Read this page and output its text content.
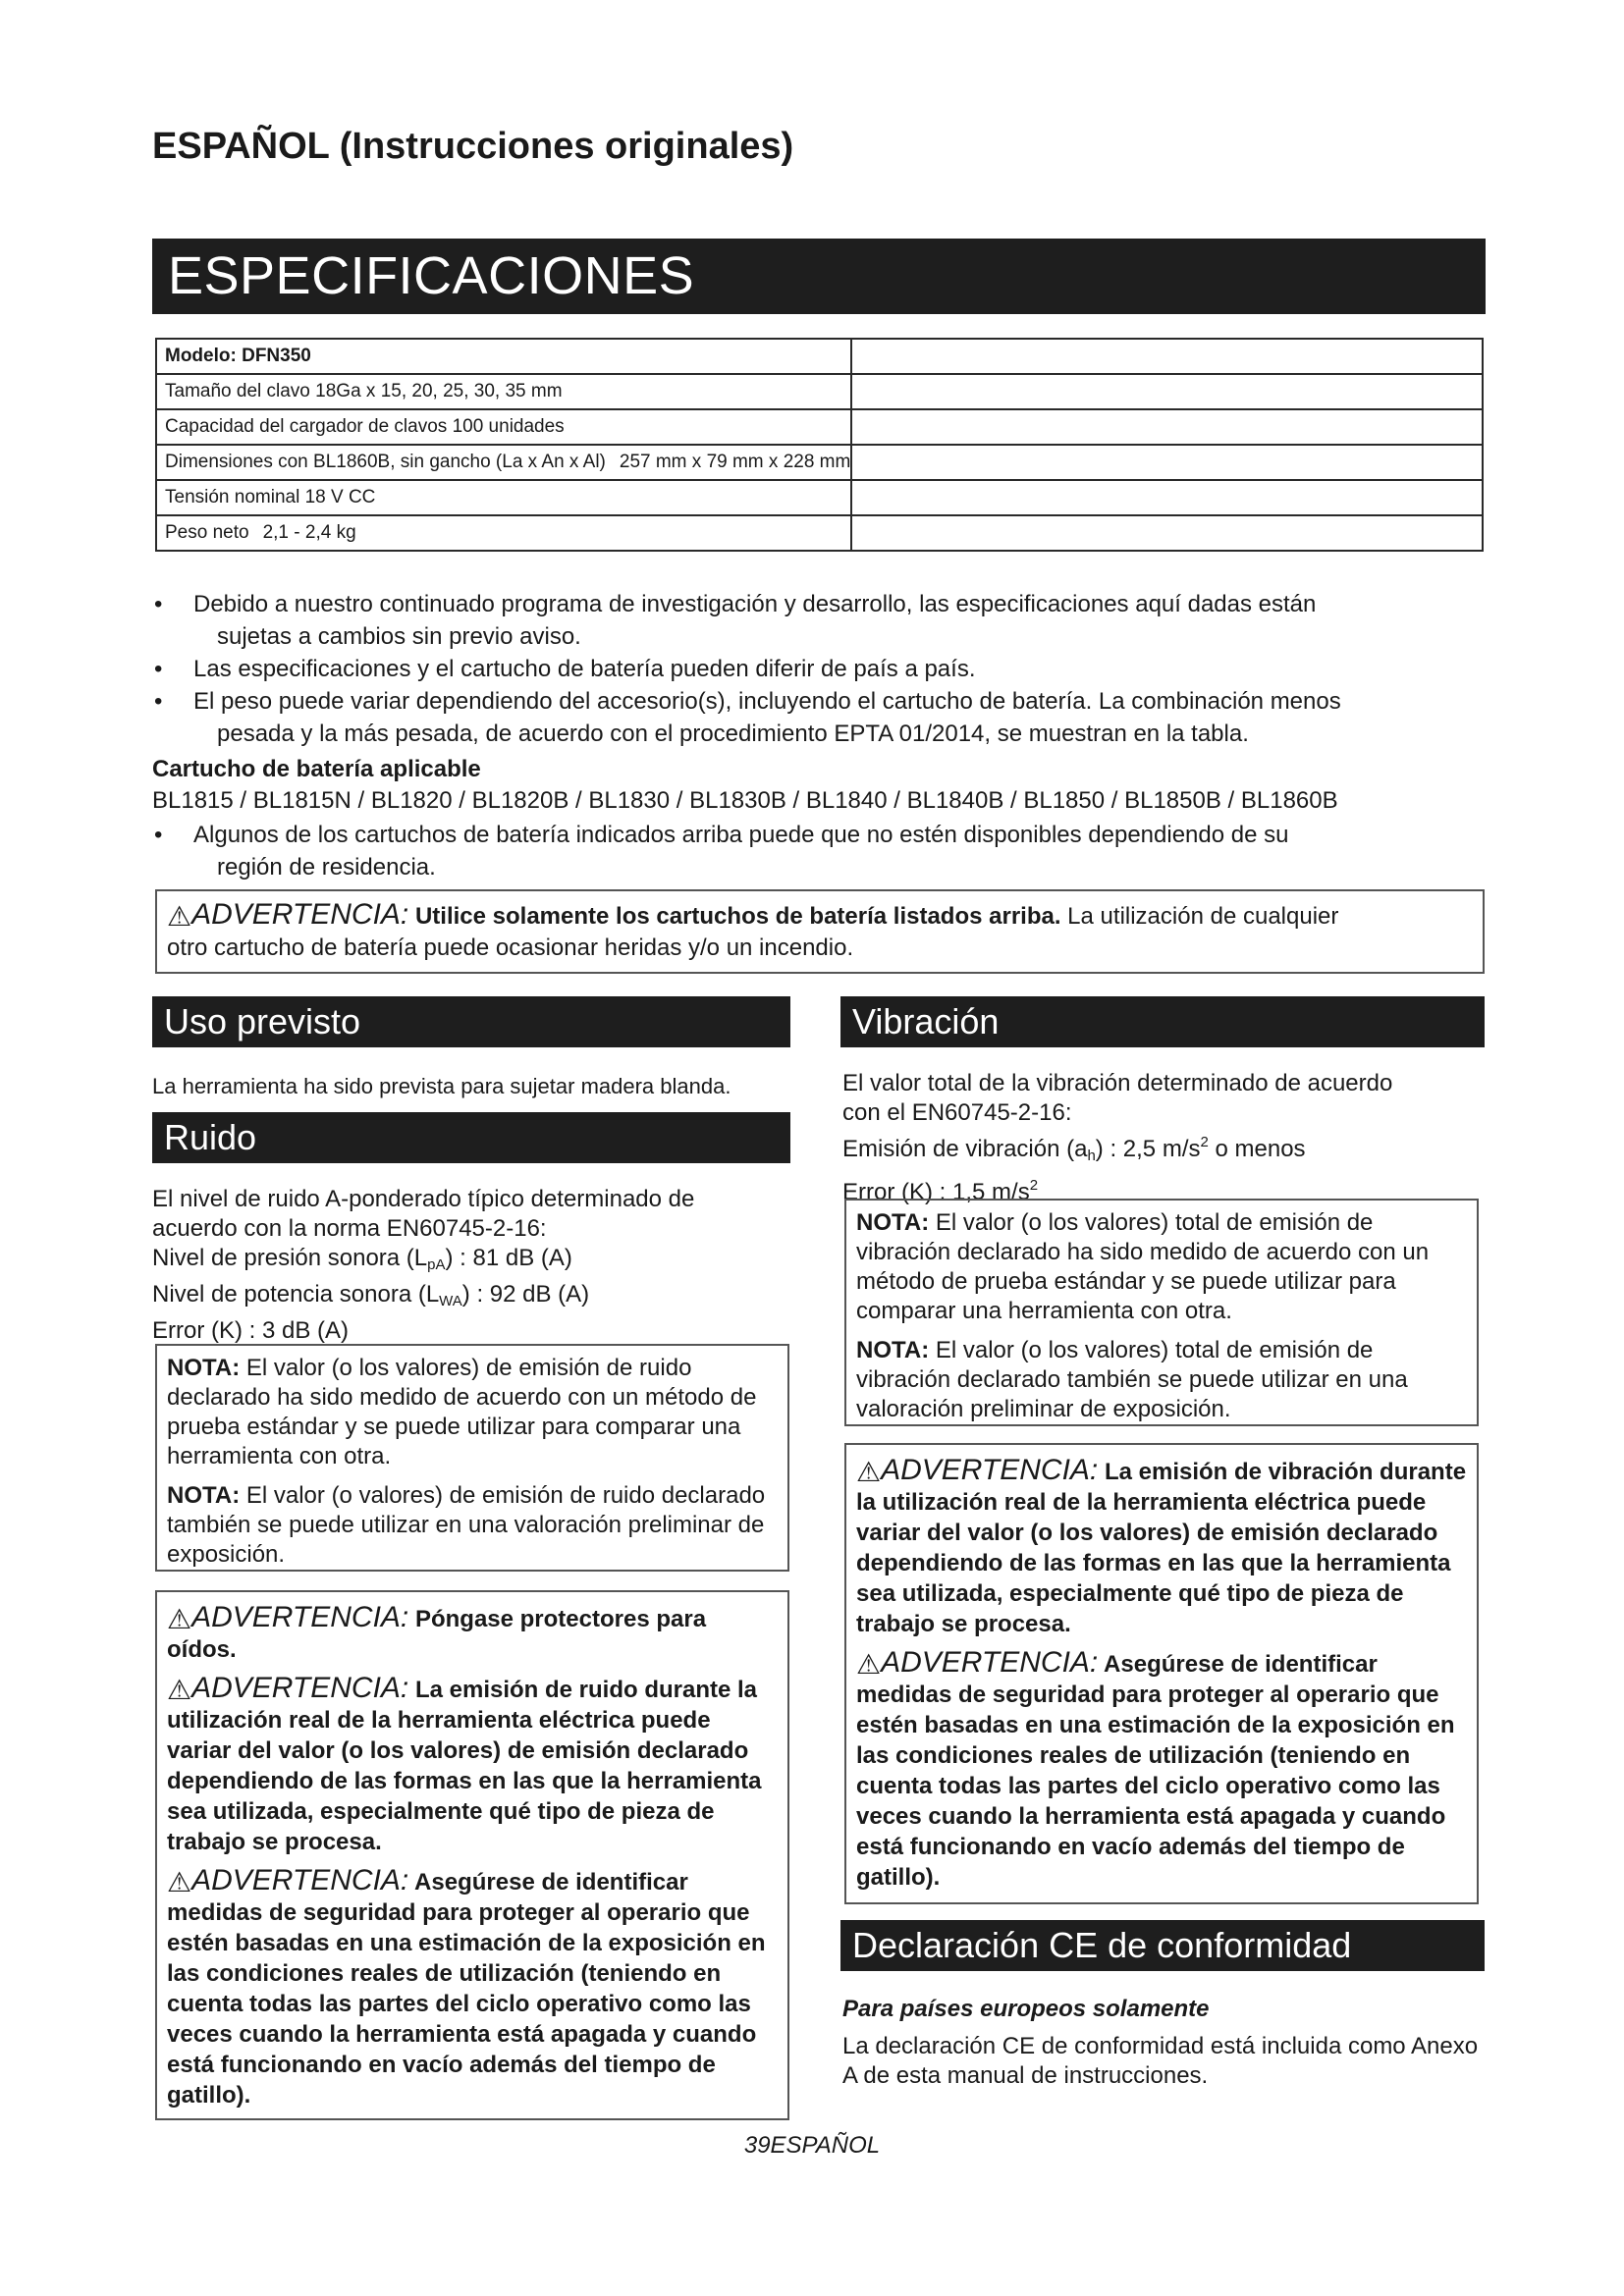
ESPAÑOL (Instrucciones originales)
ESPECIFICACIONES
Modelo: DFN350	
Tamaño del clavo 18Ga x 15, 20, 25, 30, 35 mm	
Capacidad del cargador de clavos 100 unidades	
Dimensiones con BL1860B, sin gancho (La x An x Al) 257 mm x 79 mm x 228 mm	
Tensión nominal 18 V CC	
Peso neto 2,1 - 2,4 kg	
• Debido a nuestro continuado programa de investigación y desarrollo, las especificaciones aquí dadas están
sujetas a cambios sin previo aviso.
• Las especificaciones y el cartucho de batería pueden diferir de país a país.
• El peso puede variar dependiendo del accesorio(s), incluyendo el cartucho de batería. La combinación menos
pesada y la más pesada, de acuerdo con el procedimiento EPTA 01/2014, se muestran en la tabla.
Cartucho de batería aplicable
BL1815 / BL1815N / BL1820 / BL1820B / BL1830 / BL1830B / BL1840 / BL1840B / BL1850 / BL1850B / BL1860B
• Algunos de los cartuchos de batería indicados arriba puede que no estén disponibles dependiendo de su
región de residencia.
⚠ADVERTENCIA: Utilice solamente los cartuchos de batería listados arriba. La utilización de cualquier
otro cartucho de batería puede ocasionar heridas y/o un incendio.
Uso previsto
La herramienta ha sido prevista para sujetar madera blanda.
Ruido
El nivel de ruido A-ponderado típico determinado de
acuerdo con la norma EN60745-2-16:
Nivel de presión sonora $(L_{pA})$ : 81 dB (A)
Nivel de potencia sonora $(L_{WA})$ : 92 dB (A)
Error (K) : 3 dB (A)

NOTA: El valor (o los valores) de emisión de ruido declarado ha sido medido de acuerdo con un método de prueba estándar y se puede utilizar para comparar una herramienta con otra.

NOTA: El valor (o valores) de emisión de ruido declarado también se puede utilizar en una valoración preliminar de exposición.

⚠ADVERTENCIA: Póngase protectores para oídos.

⚠ADVERTENCIA: La emisión de ruido durante la utilización real de la herramienta eléctrica puede variar del valor (o los valores) de emisión declarado dependiendo de las formas en las que la herramienta sea utilizada, especialmente qué tipo de pieza de trabajo se procesa.

⚠ADVERTENCIA: Asegúrese de identificar medidas de seguridad para proteger al operario que estén basadas en una estimación de la exposición en las condiciones reales de utilización (teniendo en cuenta todas las partes del ciclo operativo como las veces cuando la herramienta está apagada y cuando está funcionando en vacío además del tiempo de gatillo).

Vibración
El valor total de la vibración determinado de acuerdo
con el EN60745-2-16:
Emisión de vibración $(a_h)$ : 2,5 $m/s^2$ o menos
Error (K) : 1,5 $m/s^2$

NOTA: El valor (o los valores) total de emisión de vibración declarado ha sido medido de acuerdo con un método de prueba estándar y se puede utilizar para comparar una herramienta con otra.

NOTA: El valor (o los valores) total de emisión de vibración declarado también se puede utilizar en una valoración preliminar de exposición.

⚠ADVERTENCIA: La emisión de vibración durante la utilización real de la herramienta eléctrica puede variar del valor (o los valores) de emisión declarado dependiendo de las formas en las que la herramienta sea utilizada, especialmente qué tipo de pieza de trabajo se procesa.

⚠ADVERTENCIA: Asegúrese de identificar medidas de seguridad para proteger al operario que estén basadas en una estimación de la exposición en las condiciones reales de utilización (teniendo en cuenta todas las partes del ciclo operativo como las veces cuando la herramienta está apagada y cuando está funcionando en vacío además del tiempo de gatillo).

Declaración CE de conformidad
Para países europeos solamente
La declaración CE de conformidad está incluida como Anexo A de esta manual de instrucciones.
39ESPAÑOL
